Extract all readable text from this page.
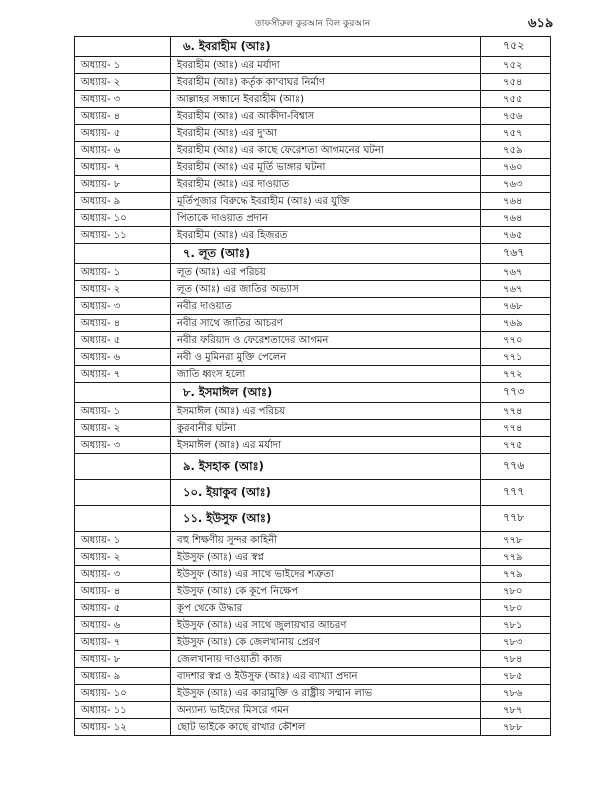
তাফসীরুল কুরআন বিল কুরআন	৬১৯
	৬. ইবরাহীম (আঃ)	৭৫২
অধ্যায়- ১	ইবরাহীম (আঃ) এর মর্যাদা	৭৫২
অধ্যায়- ২	ইবরাহীম (আঃ) কর্তৃক কা'বাঘর নির্মাণ	৭৫৪
অধ্যায়- ৩	আল্লাহর সন্ধানে ইবরাহীম (আঃ)	৭৫৫
অধ্যায়- ৪	ইবরাহীম (আঃ) এর আকীদা-বিশ্বাস	৭৫৬
অধ্যায়- ৫	ইবরাহীম (আঃ) এর দু'আ	৭৫৭
অধ্যায়- ৬	ইবরাহীম (আঃ) এর কাছে ফেরেশতা আগমনের ঘটনা	৭৫৯
অধ্যায়- ৭	ইবরাহীম (আঃ) এর মূর্তি ভাঙ্গার ঘটনা	৭৬০
অধ্যায়- ৮	ইবরাহীম (আঃ) এর দাওয়াত	৭৬৩
অধ্যায়- ৯	মূর্তিপূজার বিরুদ্ধে ইবরাহীম (আঃ) এর যুক্তি	৭৬৪
অধ্যায়- ১০	পিতাকে দাওয়াত প্রদান	৭৬৪
অধ্যায়- ১১	ইবরাহীম (আঃ) এর হিজরত	৭৬৫
	৭. লূত (আঃ)	৭৬৭
অধ্যায়- ১	লূত (আঃ) এর পরিচয়	৭৬৭
অধ্যায়- ২	লূত (আঃ) এর জাতির অভ্যাস	৭৬৭
অধ্যায়- ৩	নবীর দাওয়াত	৭৬৮
অধ্যায়- ৪	নবীর সাথে জাতির আচরণ	৭৬৯
অধ্যায়- ৫	নবীর ফরিয়াদ ও ফেরেশতাদের আগমন	৭৭০
অধ্যায়- ৬	নবী ও মুমিনরা মুক্তি পেলেন	৭৭১
অধ্যায়- ৭	জাতি ধ্বংস হলো	৭৭২
	৮. ইসমাঈল (আঃ)	৭৭৩
অধ্যায়- ১	ইসমাঈল (আঃ) এর পরিচয়	৭৭৪
অধ্যায়- ২	কুরবানীর ঘটনা	৭৭৪
অধ্যায়- ৩	ইসমাঈল (আঃ) এর মর্যাদা	৭৭৫
	৯. ইসহাক (আঃ)	৭৭৬
	১০. ইয়াকুব (আঃ)	৭৭৭
	১১. ইউসুফ (আঃ)	৭৭৮
অধ্যায়- ১	বহু শিক্ষণীয় সুন্দর কাহিনী	৭৭৮
অধ্যায়- ২	ইউসুফ (আঃ) এর স্বপ্ন	৭৭৯
অধ্যায়- ৩	ইউসুফ (আঃ) এর সাথে ভাইদের শত্রুতা	৭৭৯
অধ্যায়- ৪	ইউসুফ (আঃ) কে কূপে নিক্ষেপ	৭৮০
অধ্যায়- ৫	কূপ থেকে উদ্ধার	৭৮০
অধ্যায়- ৬	ইউসুফ (আঃ) এর সাথে জুলায়খার আচরণ	৭৮১
অধ্যায়- ৭	ইউসুফ (আঃ) কে জেলখানায় প্রেরণ	৭৮৩
অধ্যায়- ৮	জেলখানায় দাওয়াতী কাজ	৭৮৪
অধ্যায়- ৯	বাদশার স্বপ্ন ও ইউসুফ (আঃ) এর ব্যাখ্যা প্রদান	৭৮৫
অধ্যায়- ১০	ইউসুফ (আঃ) এর কারামুক্তি ও রাষ্ট্রীয় সম্মান লাভ	৭৮৬
অধ্যায়- ১১	অন্যান্য ভাইদের মিসরে গমন	৭৮৭
অধ্যায়- ১২	ছোট ভাইকে কাছে রাখার কৌশল	৭৮৮
